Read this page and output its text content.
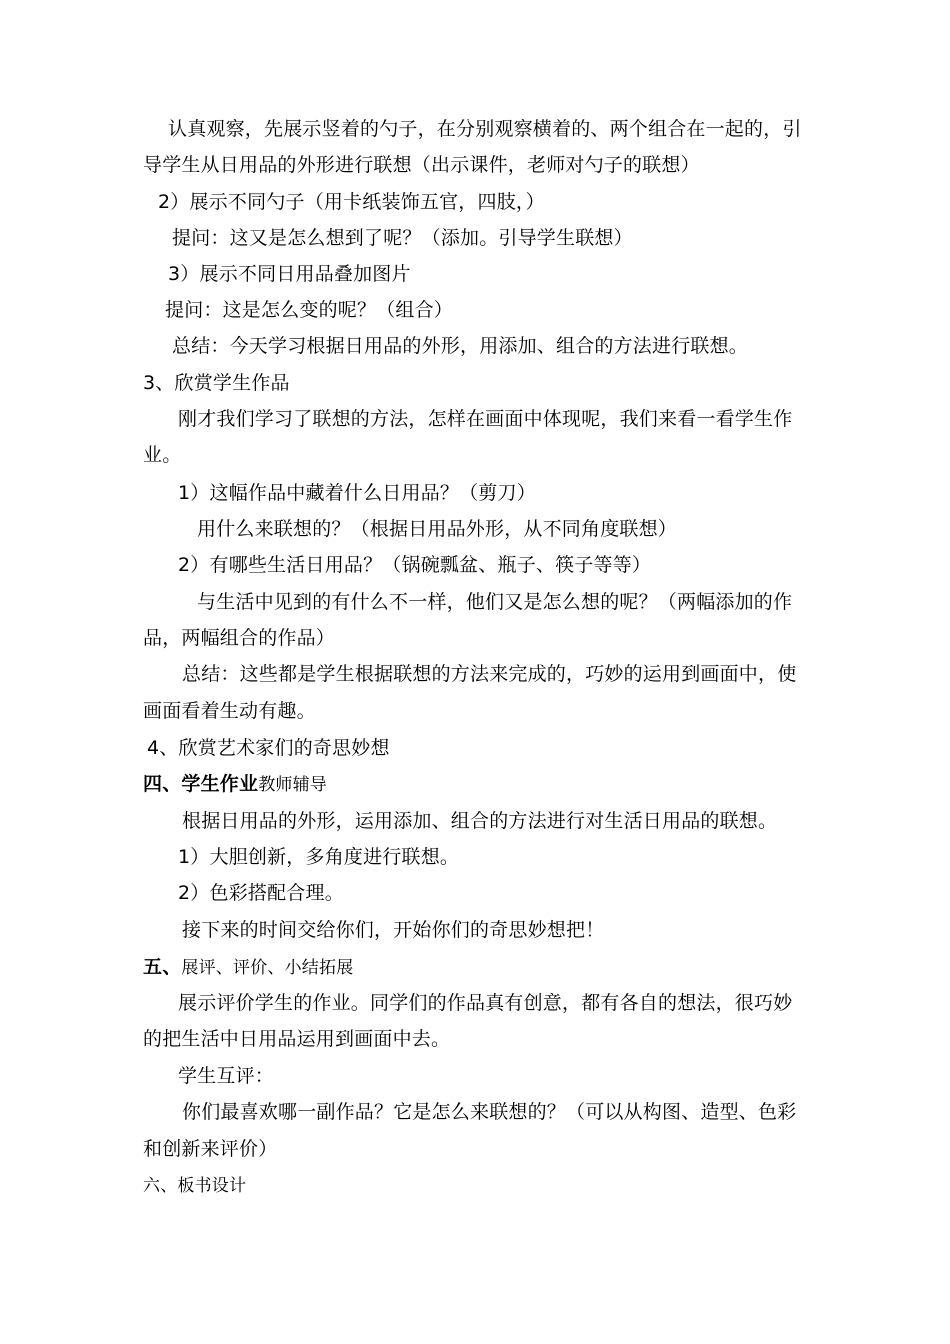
认真观察，先展示竖着的勺子，在分别观察横着的、两个组合在一起的，引
导学生从日用品的外形进行联想（出示课件，老师对勺子的联想）
2）展示不同勺子（用卡纸装饰五官，四肢，）
提问：这又是怎么想到了呢？（添加。引导学生联想）
3）展示不同日用品叠加图片
提问：这是怎么变的呢？（组合）
总结：今天学习根据日用品的外形，用添加、组合的方法进行联想。
3、欣赏学生作品
刚才我们学习了联想的方法，怎样在画面中体现呢，我们来看一看学生作
业。
1）这幅作品中藏着什么日用品？（剪刀）
用什么来联想的？（根据日用品外形，从不同角度联想）
2）有哪些生活日用品？（锅碗瓢盆、瓶子、筷子等等）
与生活中见到的有什么不一样，他们又是怎么想的呢？（两幅添加的作
品，两幅组合的作品）
总结：这些都是学生根据联想的方法来完成的，巧妙的运用到画面中，使
画面看着生动有趣。
4、欣赏艺术家们的奇思妙想
四、学生作业教师辅导
根据日用品的外形，运用添加、组合的方法进行对生活日用品的联想。
1）大胆创新，多角度进行联想。
2）色彩搭配合理。
接下来的时间交给你们，开始你们的奇思妙想把！
五、展评、评价、小结拓展
展示评价学生的作业。同学们的作品真有创意，都有各自的想法，很巧妙
的把生活中日用品运用到画面中去。
学生互评：
你们最喜欢哪一副作品？它是怎么来联想的？（可以从构图、造型、色彩
和创新来评价）
六、板书设计
